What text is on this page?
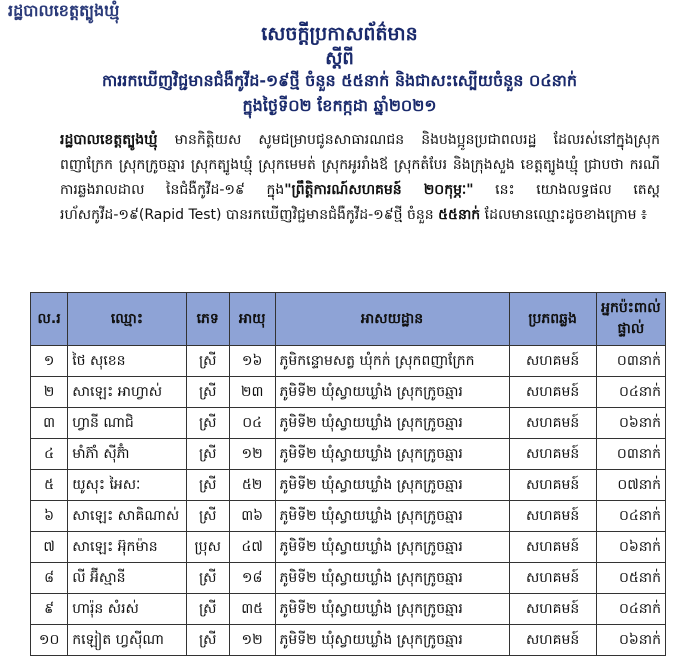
រដ្ឋបាលខេត្តត្បូងឃ្មុំ
សេចក្តីប្រកាសព័ត៌មាន
ស្តីពី
ការរកឃើញវិជ្ជមានជំងឺកូវីដ-១៩ថ្មី ចំនួន ៥៥នាក់ និងជាសះស្បើយចំនួន ០៤នាក់
ក្នុងថ្ងៃទី០២ ខែកក្កដា ឆ្នាំ២០២១
រដ្ឋបាលខេត្តត្បូងឃ្មុំ មានកិត្តិយស សូមជម្រាបជូនសាធារណជន និងបងប្អូនប្រជាពលរដ្ឋ ដែលរស់នៅក្នុងស្រុកពញាក្រែក ស្រុកក្រូចឆ្មារ ស្រុកត្បូងឃ្មុំ ស្រុកមេមត់ ស្រុកអូររាំងឪ ស្រុកតំបែរ និងក្រុងសួង ខេត្តត្បូងឃ្មុំ ជ្រាបថា ករណីការឆ្លងរាលដាល នៃជំងឺកូវីដ-១៩ ក្នុង"ព្រឹត្តិការណ៍សហគមន៍ ២០កុម្ភៈ" នេះ យោងលទ្ធផល តេស្តរហ័សកូវីដ-១៩(Rapid Test) បានរកឃើញវិជ្ជមានជំងឺកូវីដ-១៩ថ្មី ចំនួន ៥៥នាក់ ដែលមានឈ្មោះដូចខាងក្រោម ៖
ល.រ	ឈ្មោះ	ភេទ	អាយុ	អាសយដ្ឋាន	ប្រភពឆ្លង	អ្នកប៉ះពាល់ផ្ទាល់
១	ថៃ សុខេន	ស្រី	១៦	ភូមិកន្ទោមសត្វ ឃុំកក់ ស្រុកពញាក្រែក	សហគមន៍	០៣នាក់
២	សាឡេះ អាហ្វាស់	ស្រី	២៣	ភូមិទី២ ឃុំស្វាយឃ្លាំង ស្រុកក្រូចឆ្មារ	សហគមន៍	០៤នាក់
៣	ហ្វានី ណាជិ	ស្រី	០៤	ភូមិទី២ ឃុំស្វាយឃ្លាំង ស្រុកក្រូចឆ្មារ	សហគមន៍	០៦នាក់
៤	មាំភ៊ាំ ស៊ីភ៊ំា	ស្រី	១២	ភូមិទី២ ឃុំស្វាយឃ្លាំង ស្រុកក្រូចឆ្មារ	សហគមន៍	០៣នាក់
៥	យូសុះ អៃសៈ	ស្រី	៥២	ភូមិទី២ ឃុំស្វាយឃ្លាំង ស្រុកក្រូចឆ្មារ	សហគមន៍	០៧នាក់
៦	សាឡេះ សាគិណាស់	ស្រី	៣៦	ភូមិទី២ ឃុំស្វាយឃ្លាំង ស្រុកក្រូចឆ្មារ	សហគមន៍	០៤នាក់
៧	សាឡេះ អ៊ុកម៉ាន	ប្រុស	៤៧	ភូមិទី២ ឃុំស្វាយឃ្លាំង ស្រុកក្រូចឆ្មារ	សហគមន៍	០៦នាក់
៨	លី អ៊ីស្មានី	ស្រី	១៨	ភូមិទី២ ឃុំស្វាយឃ្លាំង ស្រុកក្រូចឆ្មារ	សហគមន៍	០៥នាក់
៩	ហារ៉ុន សំរស់	ស្រី	៣៥	ភូមិទី២ ឃុំស្វាយឃ្លាំង ស្រុកក្រូចឆ្មារ	សហគមន៍	០៤នាក់
១០	កឡៀត ហ្វស៊ីណា	ស្រី	១២	ភូមិទី២ ឃុំស្វាយឃ្លាំង ស្រុកក្រូចឆ្មារ	សហគមន៍	០៦នាក់
